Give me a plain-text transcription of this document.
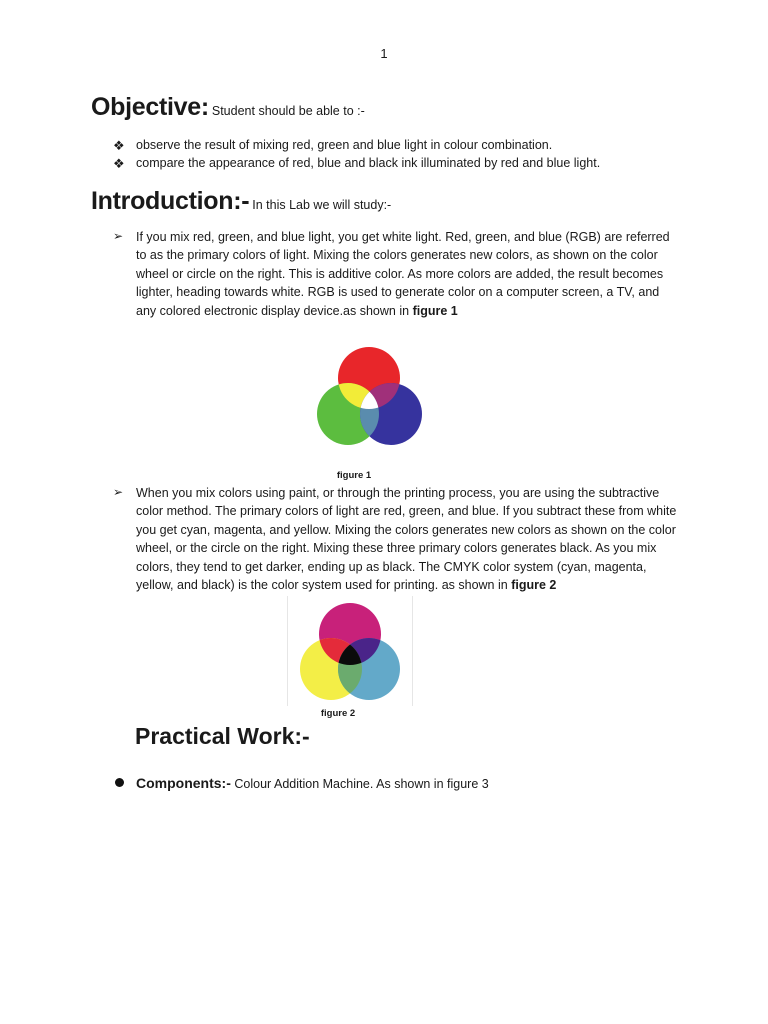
1
Objective: Student should be able to :-
❖ observe the result of mixing red, green and blue light in colour combination.
❖ compare the appearance of red, blue and black ink illuminated by red and blue light.
Introduction:- In this Lab we will study:-
➢ If you mix red, green, and blue light, you get white light. Red, green, and blue (RGB) are referred to as the primary colors of light. Mixing the colors generates new colors, as shown on the color wheel or circle on the right. This is additive color. As more colors are added, the result becomes lighter, heading towards white. RGB is used to generate color on a computer screen, a TV, and any colored electronic display device.as shown in figure 1
figure 1
➢ When you mix colors using paint, or through the printing process, you are using the subtractive color method. The primary colors of light are red, green, and blue. If you subtract these from white you get cyan, magenta, and yellow. Mixing the colors generates new colors as shown on the color wheel, or the circle on the right. Mixing these three primary colors generates black. As you mix colors, they tend to get darker, ending up as black. The CMYK color system (cyan, magenta, yellow, and black) is the color system used for printing. as shown in figure 2
figure 2
Practical Work:-
Components:- Colour Addition Machine. As shown in figure 3
